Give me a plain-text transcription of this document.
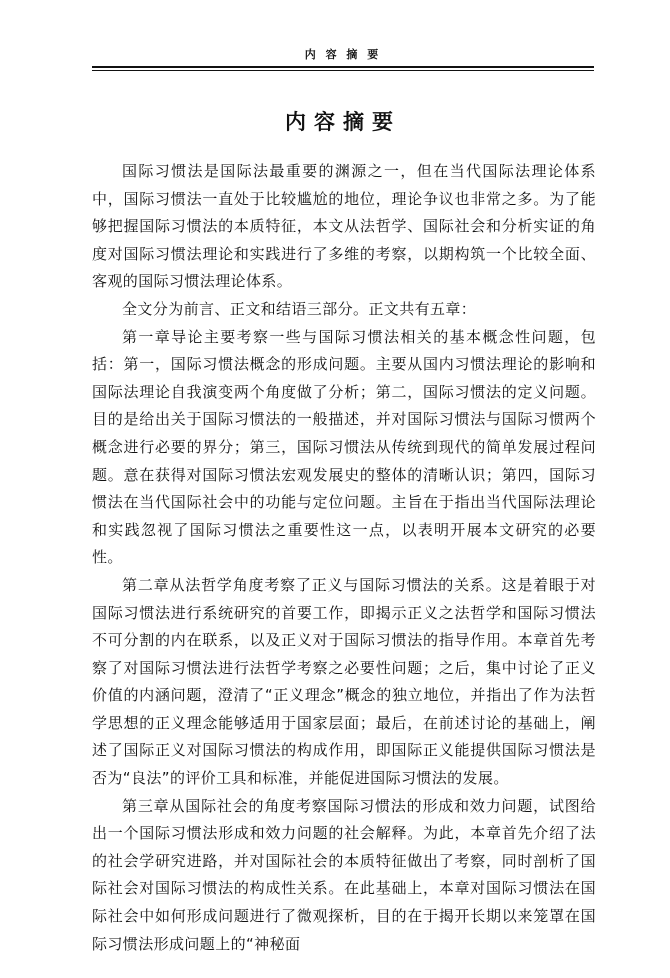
内 容 摘 要
内容摘要

国际习惯法是国际法最重要的渊源之一，但在当代国际法理论体系中，国际习惯法一直处于比较尴尬的地位，理论争议也非常之多。为了能够把握国际习惯法的本质特征，本文从法哲学、国际社会和分析实证的角度对国际习惯法理论和实践进行了多维的考察，以期构筑一个比较全面、客观的国际习惯法理论体系。

全文分为前言、正文和结语三部分。正文共有五章：

第一章导论主要考察一些与国际习惯法相关的基本概念性问题，包括：第一，国际习惯法概念的形成问题。主要从国内习惯法理论的影响和国际法理论自我演变两个角度做了分析；第二，国际习惯法的定义问题。目的是给出关于国际习惯法的一般描述，并对国际习惯法与国际习惯两个概念进行必要的界分；第三，国际习惯法从传统到现代的简单发展过程问题。意在获得对国际习惯法宏观发展史的整体的清晰认识；第四，国际习惯法在当代国际社会中的功能与定位问题。主旨在于指出当代国际法理论和实践忽视了国际习惯法之重要性这一点，以表明开展本文研究的必要性。

第二章从法哲学角度考察了正义与国际习惯法的关系。这是着眼于对国际习惯法进行系统研究的首要工作，即揭示正义之法哲学和国际习惯法不可分割的内在联系，以及正义对于国际习惯法的指导作用。本章首先考察了对国际习惯法进行法哲学考察之必要性问题；之后，集中讨论了正义价值的内涵问题，澄清了“正义理念”概念的独立地位，并指出了作为法哲学思想的正义理念能够适用于国家层面；最后，在前述讨论的基础上，阐述了国际正义对国际习惯法的构成作用，即国际正义能提供国际习惯法是否为“良法”的评价工具和标准，并能促进国际习惯法的发展。

第三章从国际社会的角度考察国际习惯法的形成和效力问题，试图给出一个国际习惯法形成和效力问题的社会解释。为此，本章首先介绍了法的社会学研究进路，并对国际社会的本质特征做出了考察，同时剖析了国际社会对国际习惯法的构成性关系。在此基础上，本章对国际习惯法在国际社会中如何形成问题进行了微观探析，目的在于揭开长期以来笼罩在国际习惯法形成问题上的“神秘面
